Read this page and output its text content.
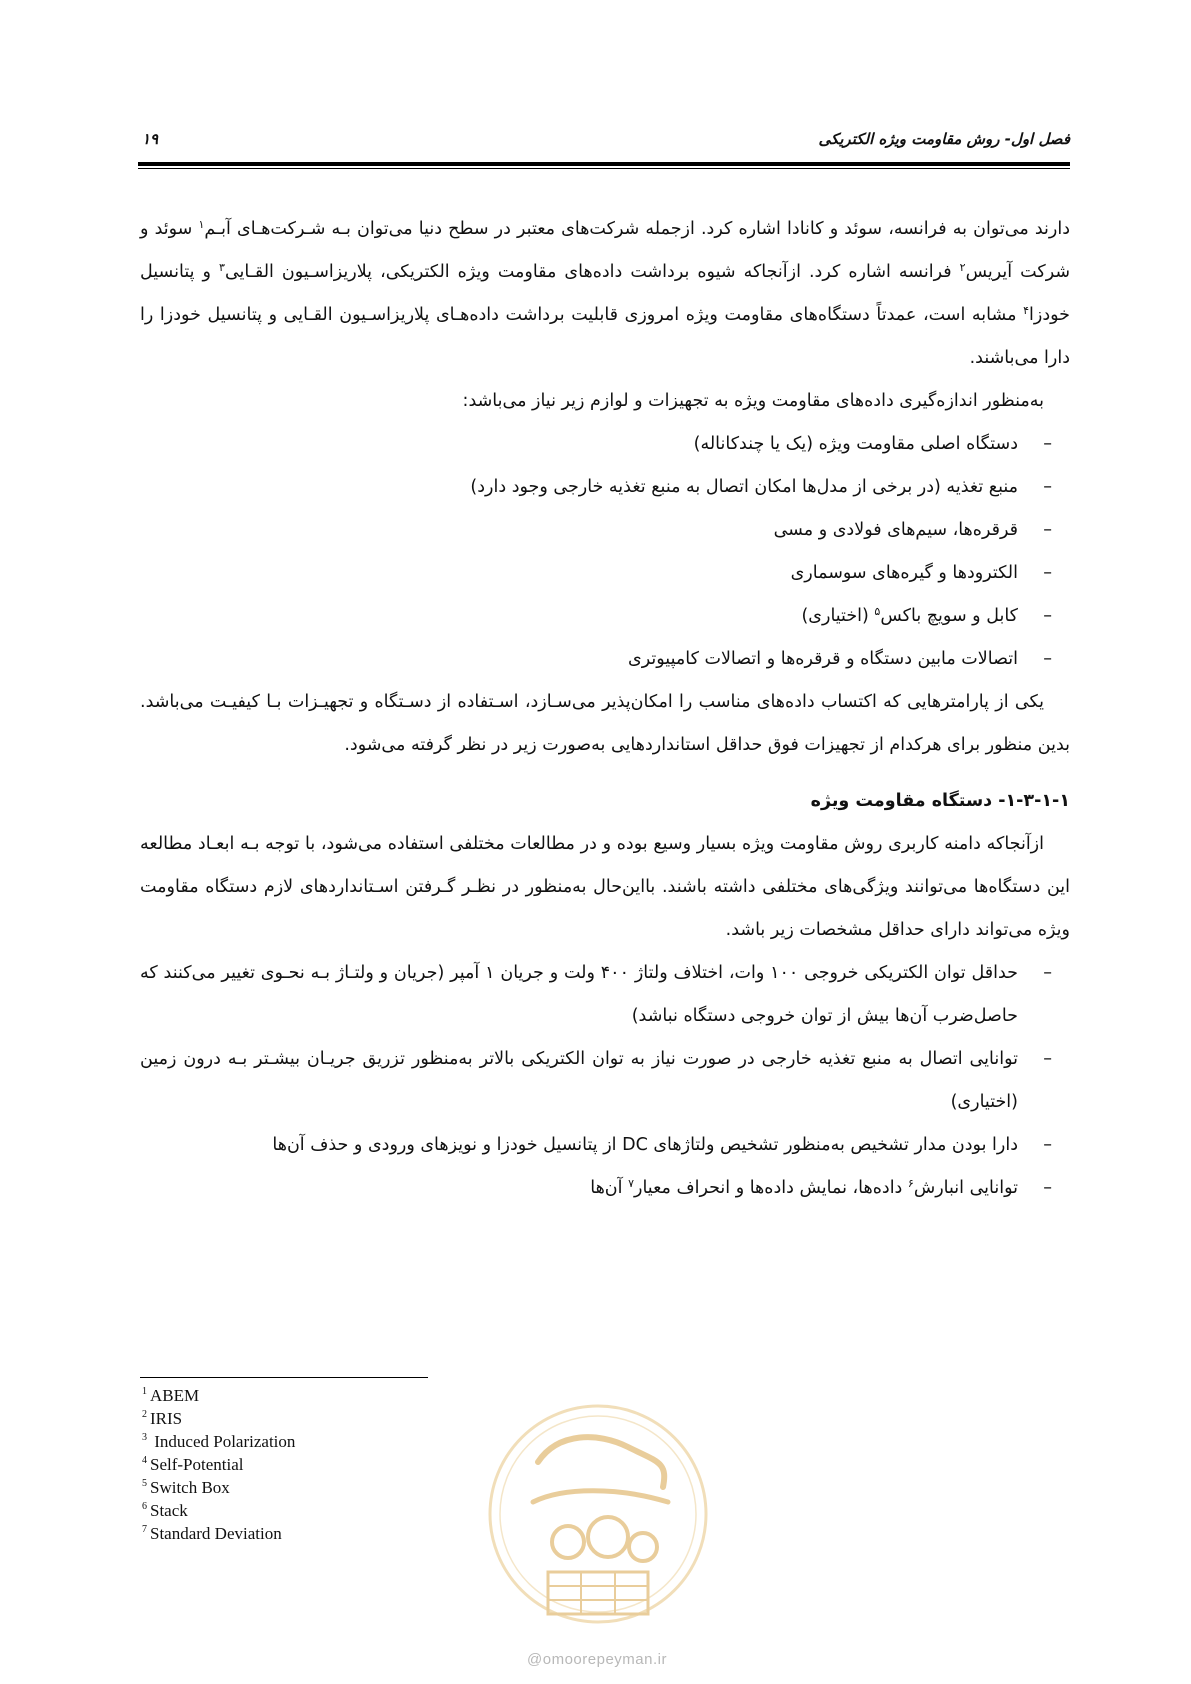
فصل اول- روش مقاومت ویژه الکتریکی
۱۹

دارند می‌توان به فرانسه، سوئد و کانادا اشاره کرد. ازجمله شرکت‌های معتبر در سطح دنیا می‌توان بـه شـرکت‌هـای آبـم$^۱$ سوئد و شرکت آیریس$^۲$ فرانسه اشاره کرد. ازآنجاکه شیوه برداشت داده‌های مقاومت ویژه الکتریکی، پلاریزاسـیون القـایی$^۳$ و پتانسیل خودزا$^۴$ مشابه است، عمدتاً دستگاه‌های مقاومت ویژه امروزی قابلیت برداشت داده‌هـای پلاریزاسـیون القـایی و پتانسیل خودزا را دارا می‌باشند.

به‌منظور اندازه‌گیری داده‌های مقاومت ویژه به تجهیزات و لوازم زیر نیاز می‌باشد:

–
دستگاه اصلی مقاومت ویژه (یک یا چندکاناله)
–
منبع تغذیه (در برخی از مدل‌ها امکان اتصال به منبع تغذیه خارجی وجود دارد)
–
قرقره‌ها، سیم‌های فولادی و مسی
–
الکترودها و گیره‌های سوسماری
–
کابل و سویچ باکس$^۵$ (اختیاری)
–
اتصالات مابین دستگاه و قرقره‌ها و اتصالات کامپیوتری

یکی از پارامترهایی که اکتساب داده‌های مناسب را امکان‌پذیر می‌سـازد، اسـتفاده از دسـتگاه و تجهیـزات بـا کیفیـت می‌باشد. بدین منظور برای هرکدام از تجهیزات فوق حداقل استانداردهایی به‌صورت زیر در نظر گرفته می‌شود.

۱-۳-۱-۱- دستگاه مقاومت ویژه

ازآنجاکه دامنه کاربری روش مقاومت ویژه بسیار وسیع بوده و در مطالعات مختلفی استفاده می‌شود، با توجه بـه ابعـاد مطالعه این دستگاه‌ها می‌توانند ویژگی‌های مختلفی داشته باشند. بااین‌حال به‌منظور در نظـر گـرفتن اسـتانداردهای لازم دستگاه مقاومت ویژه می‌تواند دارای حداقل مشخصات زیر باشد.

–
حداقل توان الکتریکی خروجی ۱۰۰ وات، اختلاف ولتاژ ۴۰۰ ولت و جریان ۱ آمپر (جریان و ولتـاژ بـه نحـوی تغییر می‌کنند که حاصل‌ضرب آن‌ها بیش از توان خروجی دستگاه نباشد)
–
توانایی اتصال به منبع تغذیه خارجی در صورت نیاز به توان الکتریکی بالاتر به‌منظور تزریق جریـان بیشـتر بـه درون زمین (اختیاری)
–
دارا بودن مدار تشخیص به‌منظور تشخیص ولتاژهای DC از پتانسیل خودزا و نویزهای ورودی و حذف آن‌ها
–
توانایی انبارش$^۶$ داده‌ها، نمایش داده‌ها و انحراف معیار$^۷$ آن‌ها
$^1$ ABEM
$^2$ IRIS
$^3$ Induced Polarization
$^4$ Self-Potential
$^5$ Switch Box
$^6$ Stack
$^7$ Standard Deviation
@omoorepeyman.ir
